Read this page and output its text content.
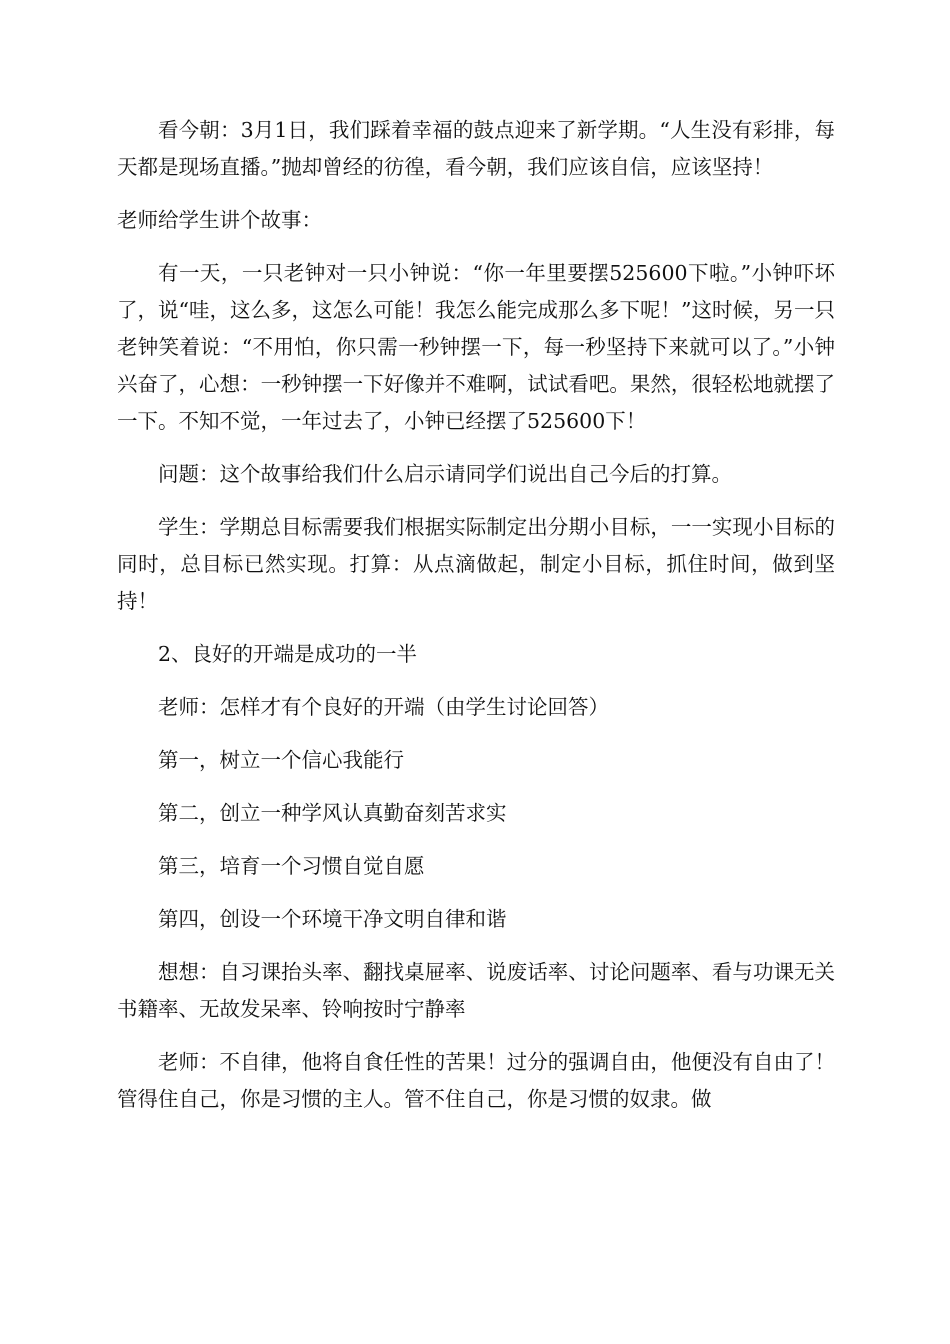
看今朝：3月1日，我们踩着幸福的鼓点迎来了新学期。“人生没有彩排，每天都是现场直播。”抛却曾经的彷徨，看今朝，我们应该自信，应该坚持！

老师给学生讲个故事：

有一天，一只老钟对一只小钟说：“你一年里要摆525600下啦。”小钟吓坏了，说“哇，这么多，这怎么可能！我怎么能完成那么多下呢！”这时候，另一只老钟笑着说：“不用怕，你只需一秒钟摆一下，每一秒坚持下来就可以了。”小钟兴奋了，心想：一秒钟摆一下好像并不难啊，试试看吧。果然，很轻松地就摆了一下。不知不觉，一年过去了，小钟已经摆了525600下！

问题：这个故事给我们什么启示请同学们说出自己今后的打算。

学生：学期总目标需要我们根据实际制定出分期小目标，一一实现小目标的同时，总目标已然实现。打算：从点滴做起，制定小目标，抓住时间，做到坚持！

2、良好的开端是成功的一半

老师：怎样才有个良好的开端（由学生讨论回答）

第一，树立一个信心我能行

第二，创立一种学风认真勤奋刻苦求实

第三，培育一个习惯自觉自愿

第四，创设一个环境干净文明自律和谐

想想：自习课抬头率、翻找桌屉率、说废话率、讨论问题率、看与功课无关书籍率、无故发呆率、铃响按时宁静率

老师：不自律，他将自食任性的苦果！过分的强调自由，他便没有自由了！管得住自己，你是习惯的主人。管不住自己，你是习惯的奴隶。做
